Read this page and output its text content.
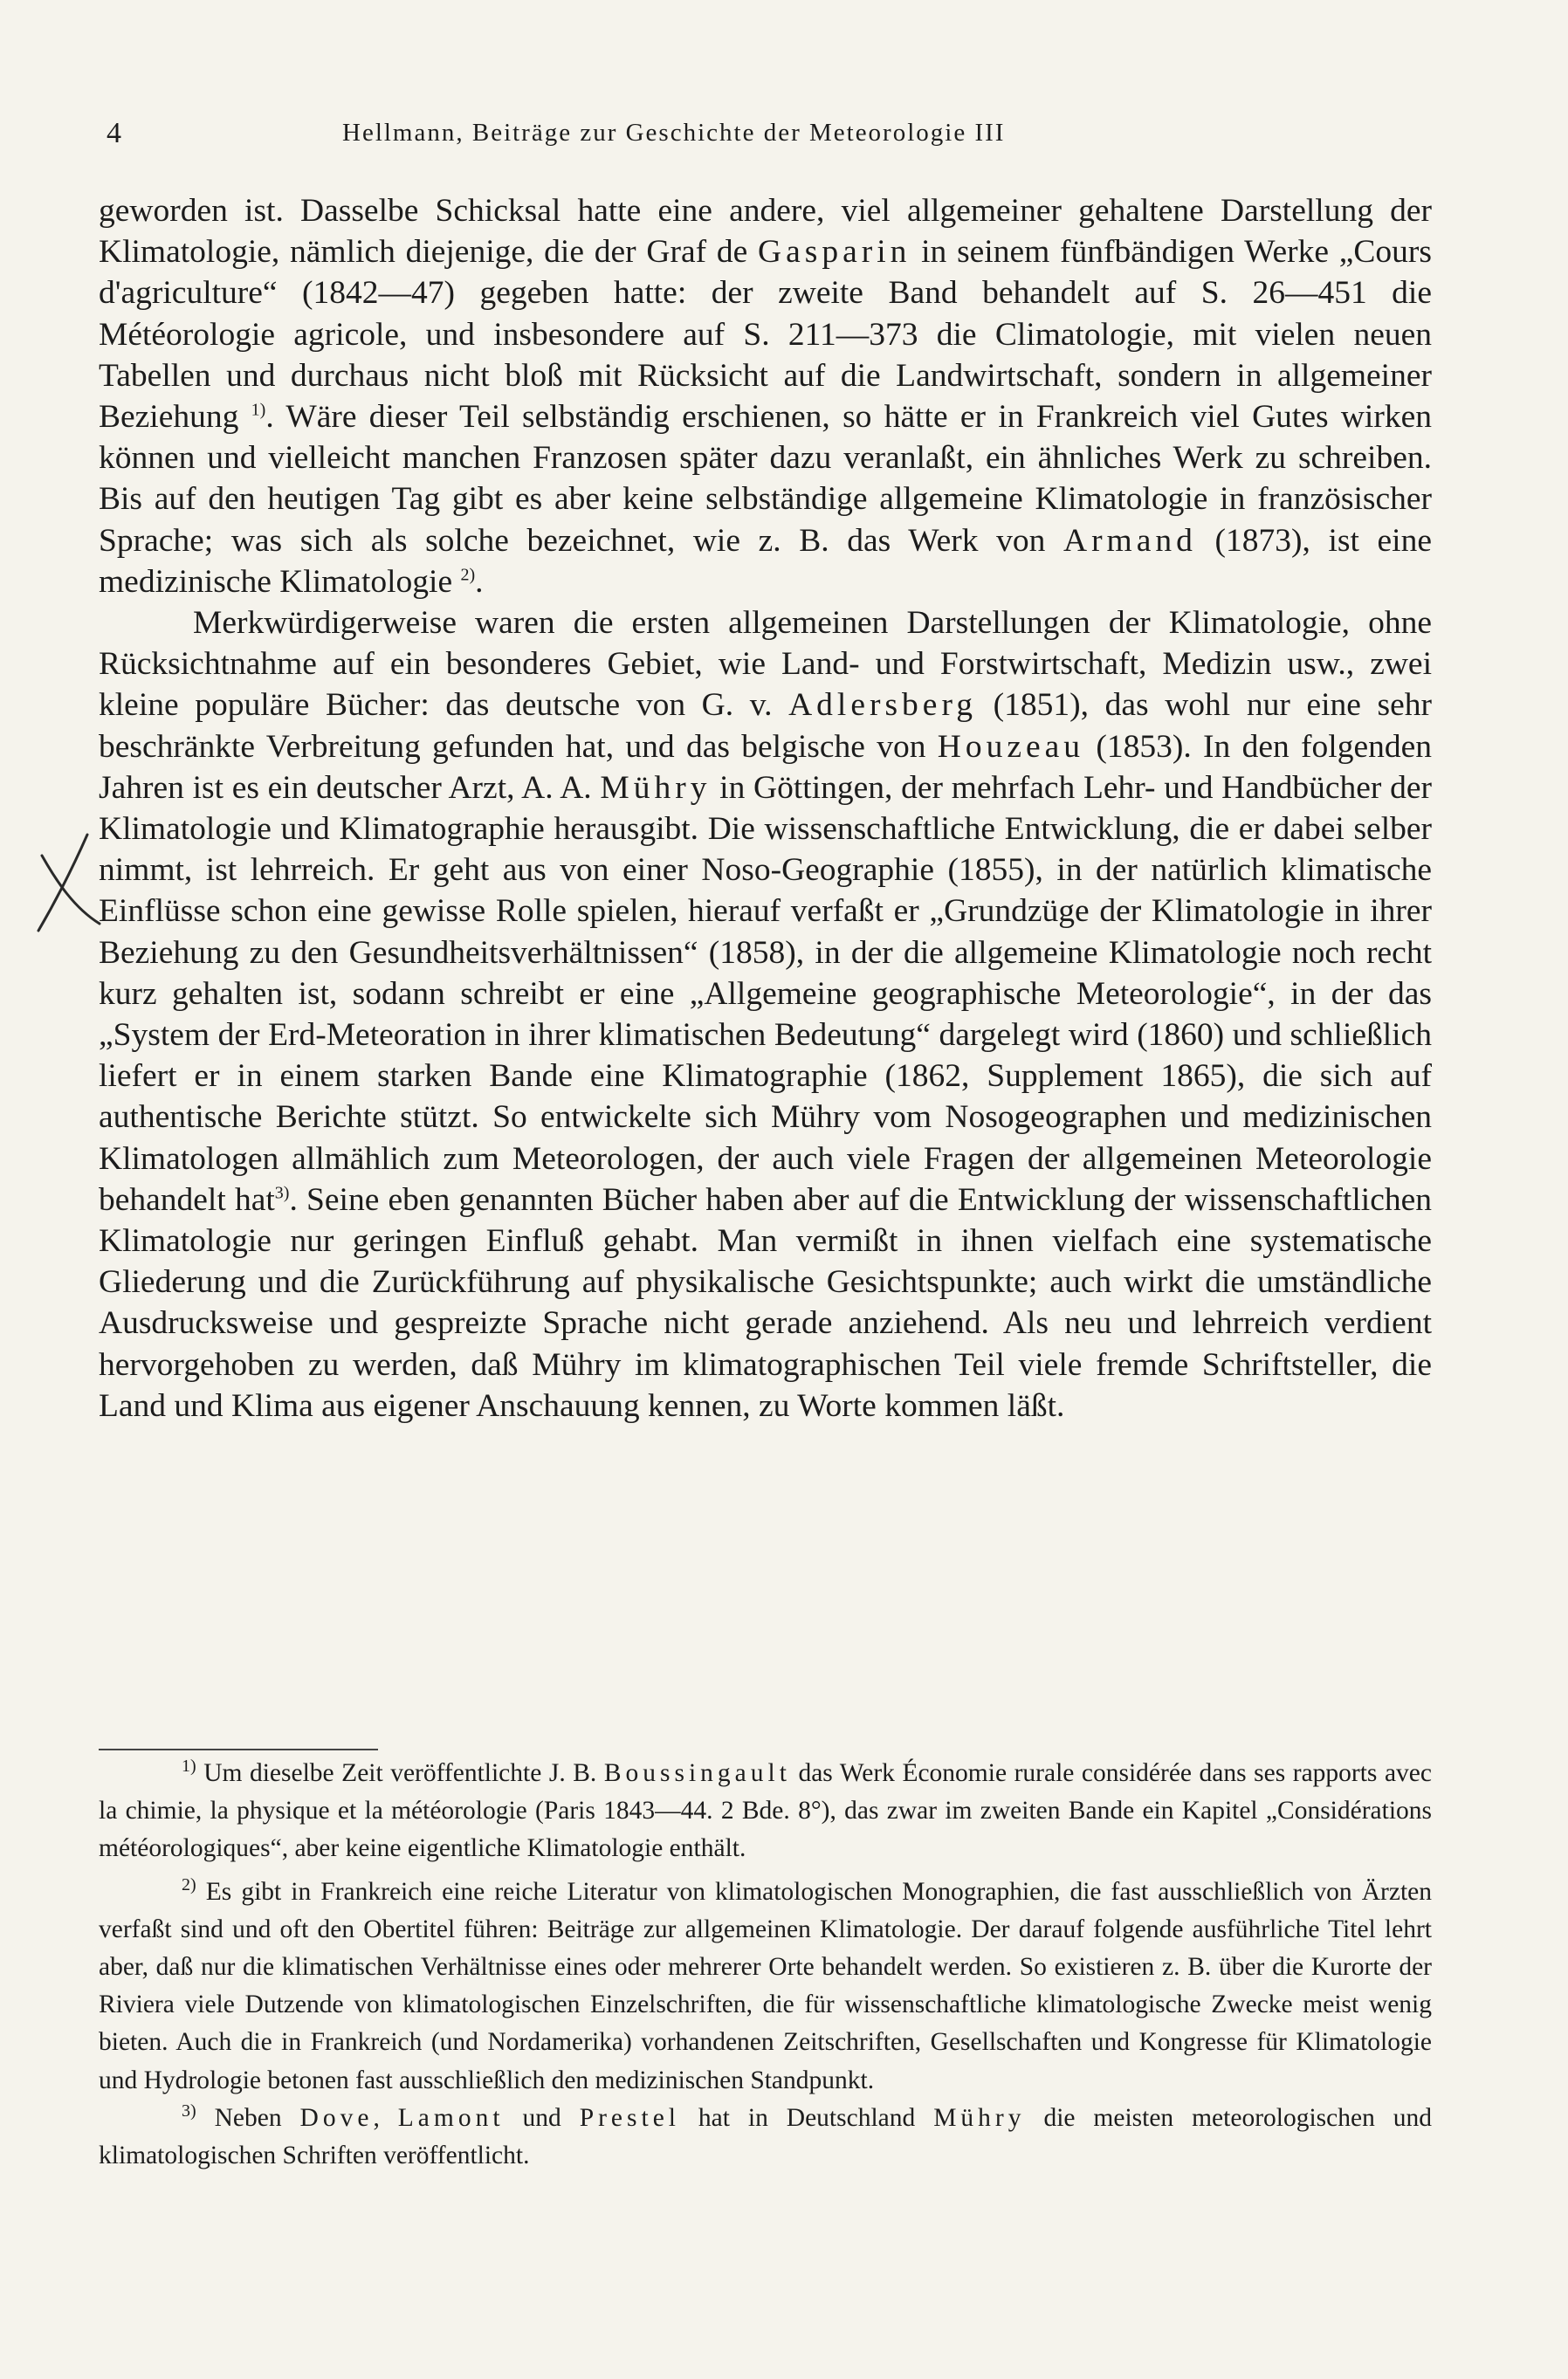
4	Hellmann, Beiträge zur Geschichte der Meteorologie III

geworden ist. Dasselbe Schicksal hatte eine andere, viel allgemeiner gehaltene Darstellung der Klimatologie, nämlich diejenige, die der Graf de Gasparin in seinem fünfbändigen Werke „Cours d'agriculture“ (1842—47) gegeben hatte: der zweite Band behandelt auf S. 26—451 die Météorologie agricole, und insbesondere auf S. 211—373 die Climatologie, mit vielen neuen Tabellen und durchaus nicht bloß mit Rücksicht auf die Landwirtschaft, sondern in allgemeiner Beziehung $^{1)}$. Wäre dieser Teil selbständig erschienen, so hätte er in Frankreich viel Gutes wirken können und vielleicht manchen Franzosen später dazu veranlaßt, ein ähnliches Werk zu schreiben. Bis auf den heutigen Tag gibt es aber keine selbständige allgemeine Klimatologie in französischer Sprache; was sich als solche bezeichnet, wie z. B. das Werk von Armand (1873), ist eine medizinische Klimatologie $^{2)}$.

Merkwürdigerweise waren die ersten allgemeinen Darstellungen der Klimatologie, ohne Rücksichtnahme auf ein besonderes Gebiet, wie Land- und Forstwirtschaft, Medizin usw., zwei kleine populäre Bücher: das deutsche von G. v. Adlersberg (1851), das wohl nur eine sehr beschränkte Verbreitung gefunden hat, und das belgische von Houzeau (1853). In den folgenden Jahren ist es ein deutscher Arzt, A. A. Mühry in Göttingen, der mehrfach Lehr- und Handbücher der Klimatologie und Klimatographie herausgibt. Die wissenschaftliche Entwicklung, die er dabei selber nimmt, ist lehrreich. Er geht aus von einer Noso-Geographie (1855), in der natürlich klimatische Einflüsse schon eine gewisse Rolle spielen, hierauf verfaßt er „Grundzüge der Klimatologie in ihrer Beziehung zu den Gesundheitsverhältnissen“ (1858), in der die allgemeine Klimatologie noch recht kurz gehalten ist, sodann schreibt er eine „Allgemeine geographische Meteorologie“, in der das „System der Erd-Meteoration in ihrer klimatischen Bedeutung“ dargelegt wird (1860) und schließlich liefert er in einem starken Bande eine Klimatographie (1862, Supplement 1865), die sich auf authentische Berichte stützt. So entwickelte sich Mühry vom Nosogeographen und medizinischen Klimatologen allmählich zum Meteorologen, der auch viele Fragen der allgemeinen Meteorologie behandelt hat$^{3)}$. Seine eben genannten Bücher haben aber auf die Entwicklung der wissenschaftlichen Klimatologie nur geringen Einfluß gehabt. Man vermißt in ihnen vielfach eine systematische Gliederung und die Zurückführung auf physikalische Gesichtspunkte; auch wirkt die umständliche Ausdrucksweise und gespreizte Sprache nicht gerade anziehend. Als neu und lehrreich verdient hervorgehoben zu werden, daß Mühry im klimatographischen Teil viele fremde Schriftsteller, die Land und Klima aus eigener Anschauung kennen, zu Worte kommen läßt.

$^{1)}$ Um dieselbe Zeit veröffentlichte J. B. Boussingault das Werk Économie rurale considérée dans ses rapports avec la chimie, la physique et la météorologie (Paris 1843—44. 2 Bde. 8°), das zwar im zweiten Bande ein Kapitel „Considérations météorologiques“, aber keine eigentliche Klimatologie enthält.

$^{2)}$ Es gibt in Frankreich eine reiche Literatur von klimatologischen Monographien, die fast ausschließlich von Ärzten verfaßt sind und oft den Obertitel führen: Beiträge zur allgemeinen Klimatologie. Der darauf folgende ausführliche Titel lehrt aber, daß nur die klimatischen Verhältnisse eines oder mehrerer Orte behandelt werden. So existieren z. B. über die Kurorte der Riviera viele Dutzende von klimatologischen Einzelschriften, die für wissenschaftliche klimatologische Zwecke meist wenig bieten. Auch die in Frankreich (und Nordamerika) vorhandenen Zeitschriften, Gesellschaften und Kongresse für Klimatologie und Hydrologie betonen fast ausschließlich den medizinischen Standpunkt.

$^{3)}$ Neben Dove, Lamont und Prestel hat in Deutschland Mühry die meisten meteorologischen und klimatologischen Schriften veröffentlicht.
